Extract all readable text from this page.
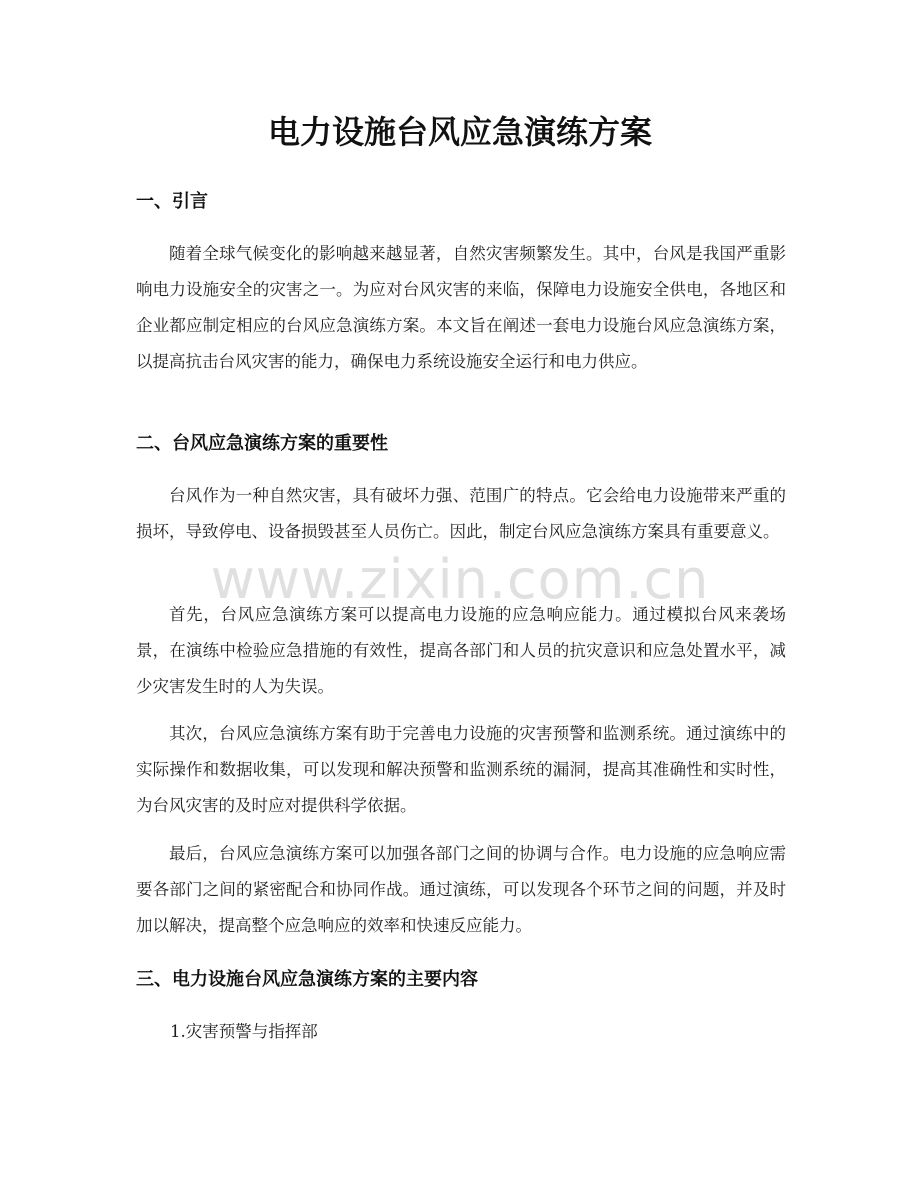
电力设施台风应急演练方案
一、引言

随着全球气候变化的影响越来越显著，自然灾害频繁发生。其中，台风是我国严重影响电力设施安全的灾害之一。为应对台风灾害的来临，保障电力设施安全供电，各地区和企业都应制定相应的台风应急演练方案。本文旨在阐述一套电力设施台风应急演练方案，以提高抗击台风灾害的能力，确保电力系统设施安全运行和电力供应。

二、台风应急演练方案的重要性

台风作为一种自然灾害，具有破坏力强、范围广的特点。它会给电力设施带来严重的损坏，导致停电、设备损毁甚至人员伤亡。因此，制定台风应急演练方案具有重要意义。

首先，台风应急演练方案可以提高电力设施的应急响应能力。通过模拟台风来袭场景，在演练中检验应急措施的有效性，提高各部门和人员的抗灾意识和应急处置水平，减少灾害发生时的人为失误。

其次，台风应急演练方案有助于完善电力设施的灾害预警和监测系统。通过演练中的实际操作和数据收集，可以发现和解决预警和监测系统的漏洞，提高其准确性和实时性，为台风灾害的及时应对提供科学依据。

最后，台风应急演练方案可以加强各部门之间的协调与合作。电力设施的应急响应需要各部门之间的紧密配合和协同作战。通过演练，可以发现各个环节之间的问题，并及时加以解决，提高整个应急响应的效率和快速反应能力。

三、电力设施台风应急演练方案的主要内容

1.灾害预警与指挥部

www.zixin.com.cn
